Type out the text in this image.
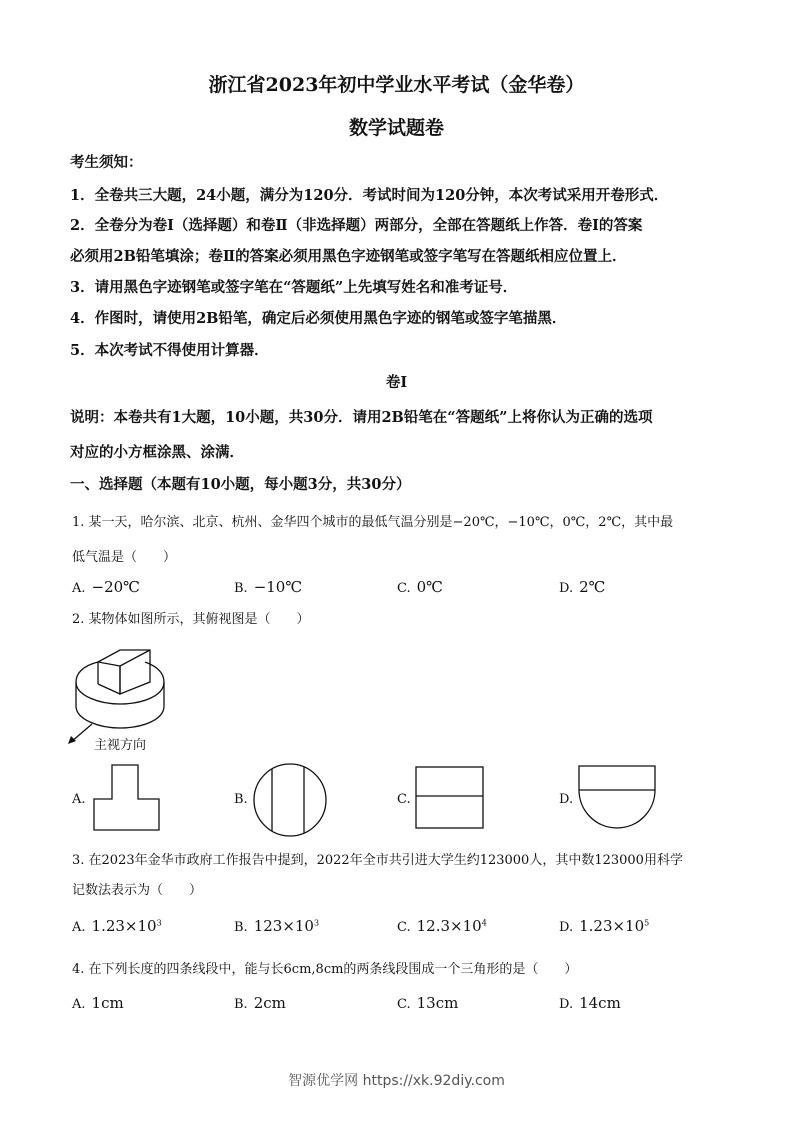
浙江省2023年初中学业水平考试（金华卷）
数学试题卷
考生须知：
1．全卷共三大题，24小题，满分为120分．考试时间为120分钟，本次考试采用开卷形式．
2．全卷分为卷Ⅰ（选择题）和卷Ⅱ（非选择题）两部分，全部在答题纸上作答．卷Ⅰ的答案
必须用2B铅笔填涂；卷Ⅱ的答案必须用黑色字迹钢笔或签字笔写在答题纸相应位置上．
3．请用黑色字迹钢笔或签字笔在“答题纸”上先填写姓名和准考证号．
4．作图时，请使用2B铅笔，确定后必须使用黑色字迹的钢笔或签字笔描黑．
5．本次考试不得使用计算器．
卷Ⅰ
说明：本卷共有1大题，10小题，共30分．请用2B铅笔在“答题纸”上将你认为正确的选项
对应的小方框涂黑、涂满．
一、选择题（本题有10小题，每小题3分，共30分）
1. 某一天，哈尔滨、北京、杭州、金华四个城市的最低气温分别是−20℃，−10℃，0℃，2℃，其中最
低气温是（　　）
A. −20℃	B. −10℃	C. 0℃	D. 2℃
2. 某物体如图所示，其俯视图是（　　）
主视方向
A.	B.	C.	D.
3. 在2023年金华市政府工作报告中提到，2022年全市共引进大学生约123000人，其中数123000用科学
记数法表示为（　　）
A. $1.23\times 10^3$	B. $123\times 10^3$	C. $12.3\times 10^4$	D. $1.23\times 10^5$
4. 在下列长度的四条线段中，能与长6cm,8cm的两条线段围成一个三角形的是（　　）
A. 1cm	B. 2cm	C. 13cm	D. 14cm
智源优学网 https://xk.92diy.com
